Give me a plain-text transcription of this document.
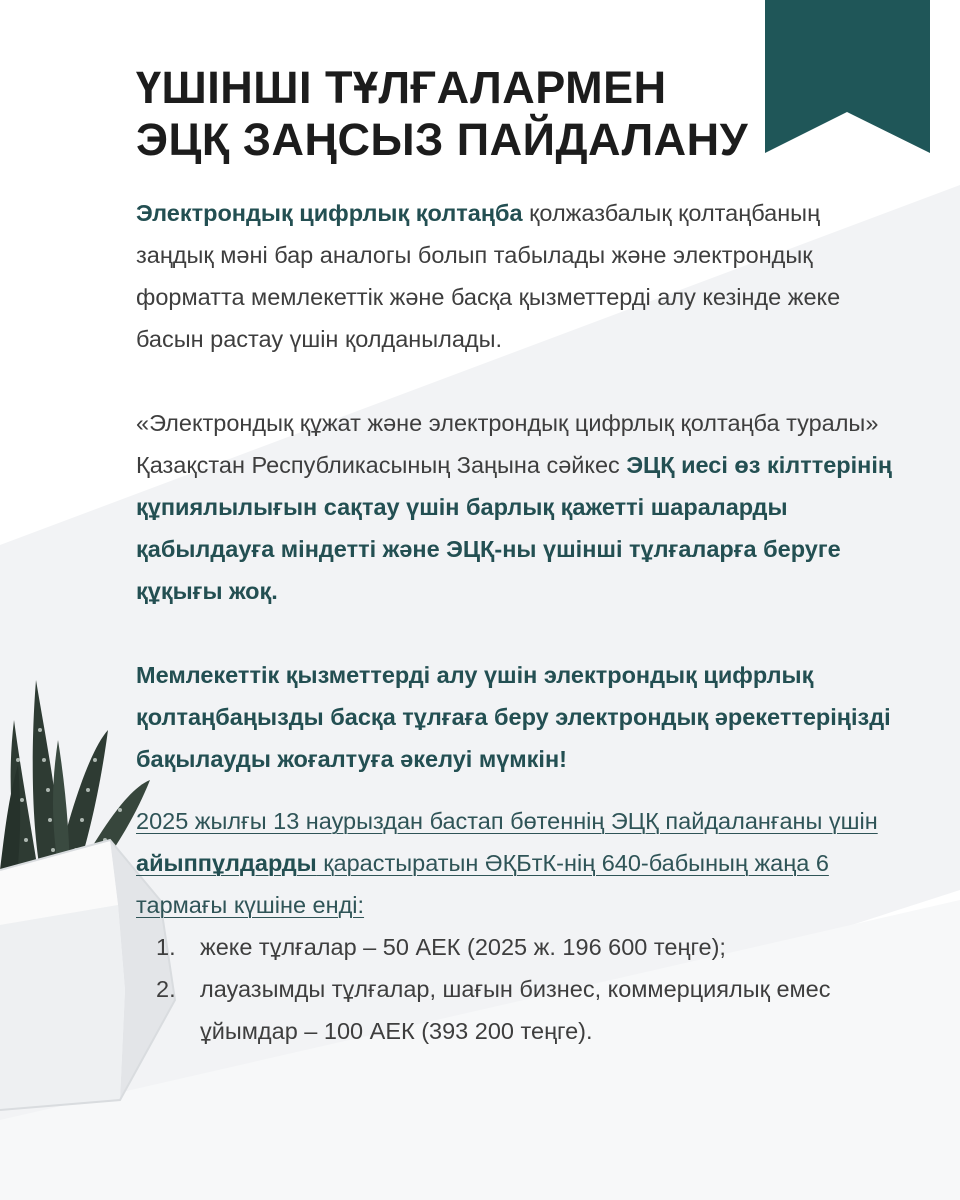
ҮШІНШІ ТҰЛҒАЛАРМЕН
ЭЦҚ ЗАҢСЫЗ ПАЙДАЛАНУ

Электрондық цифрлық қолтаңба қолжазбалық қолтаңбаның заңдық мәні бар аналогы болып табылады және электрондық форматта мемлекеттік және басқа қызметтерді алу кезінде жеке басын растау үшін қолданылады.

«Электрондық құжат және электрондық цифрлық қолтаңба туралы» Қазақстан Республикасының Заңына сәйкес ЭЦҚ иесі өз кілттерінің құпиялылығын сақтау үшін барлық қажетті шараларды қабылдауға міндетті және ЭЦҚ-ны үшінші тұлғаларға беруге құқығы жоқ.

Мемлекеттік қызметтерді алу үшін электрондық цифрлық қолтаңбаңызды басқа тұлғаға беру электрондық әрекеттеріңізді бақылауды жоғалтуға әкелуі мүмкін!

2025 жылғы 13 наурыздан бастап бөтеннің ЭЦҚ пайдаланғаны үшін айыппұлдарды қарастыратын ӘҚБтК-нің 640-бабының жаңа 6 тармағы күшіне енді:

1.	жеке тұлғалар – 50 АЕК (2025 ж. 196 600 теңге);
2.	лауазымды тұлғалар, шағын бизнес, коммерциялық емес ұйымдар – 100 АЕК (393 200 теңге).
